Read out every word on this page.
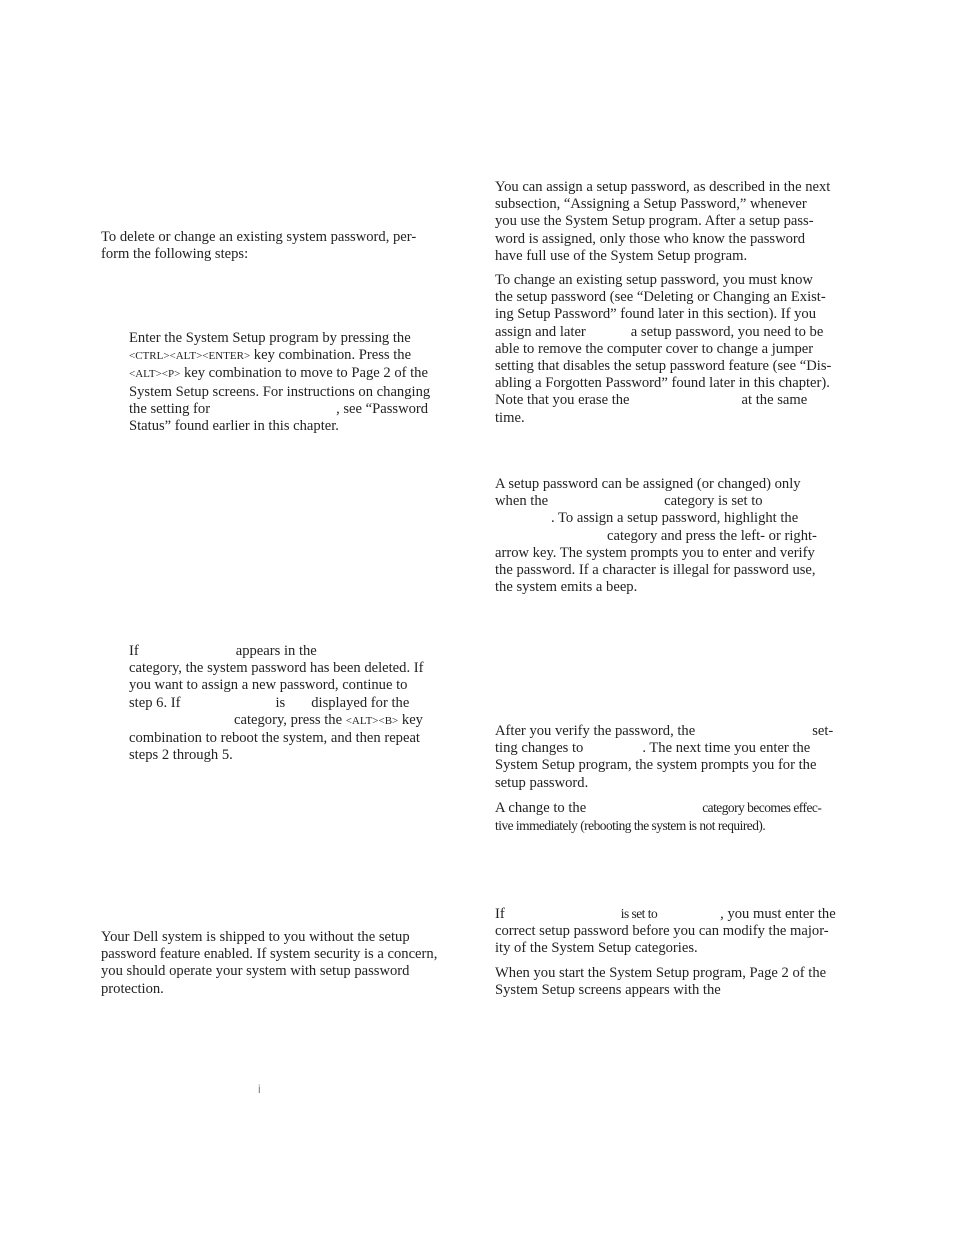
To delete or change an existing system password, per-
form the following steps:
Enter the System Setup program by pressing the
<CTRL><ALT><ENTER> key combination. Press the
<ALT><P> key combination to move to Page 2 of the
System Setup screens. For instructions on changing
the setting for	, see “Password
Status” found earlier in this chapter.
If	appears in the
category, the system password has been deleted. If
you want to assign a new password, continue to
step 6. If	is displayed for the
category, press the <ALT><B> key
combination to reboot the system, and then repeat
steps 2 through 5.
Your Dell system is shipped to you without the setup
password feature enabled. If system security is a concern,
you should operate your system with setup password
protection.
i
You can assign a setup password, as described in the next
subsection, “Assigning a Setup Password,” whenever
you use the System Setup program. After a setup pass-
word is assigned, only those who know the password
have full use of the System Setup program.
To change an existing setup password, you must know
the setup password (see “Deleting or Changing an Exist-
ing Setup Password” found later in this section). If you
assign and later	a setup password, you need to be
able to remove the computer cover to change a jumper
setting that disables the setup password feature (see “Dis-
abling a Forgotten Password” found later in this chapter).
Note that you erase the	at the same
time.
A setup password can be assigned (or changed) only
when the	category is set to
. To assign a setup password, highlight the
category and press the left- or right-
arrow key. The system prompts you to enter and verify
the password. If a character is illegal for password use,
the system emits a beep.
After you verify the password, the	set-
ting changes to	. The next time you enter the
System Setup program, the system prompts you for the
setup password.
A change to the	category becomes effec-
tive immediately (rebooting the system is not required).
If	is set to	, you must enter the
correct setup password before you can modify the major-
ity of the System Setup categories.
When you start the System Setup program, Page 2 of the
System Setup screens appears with the
